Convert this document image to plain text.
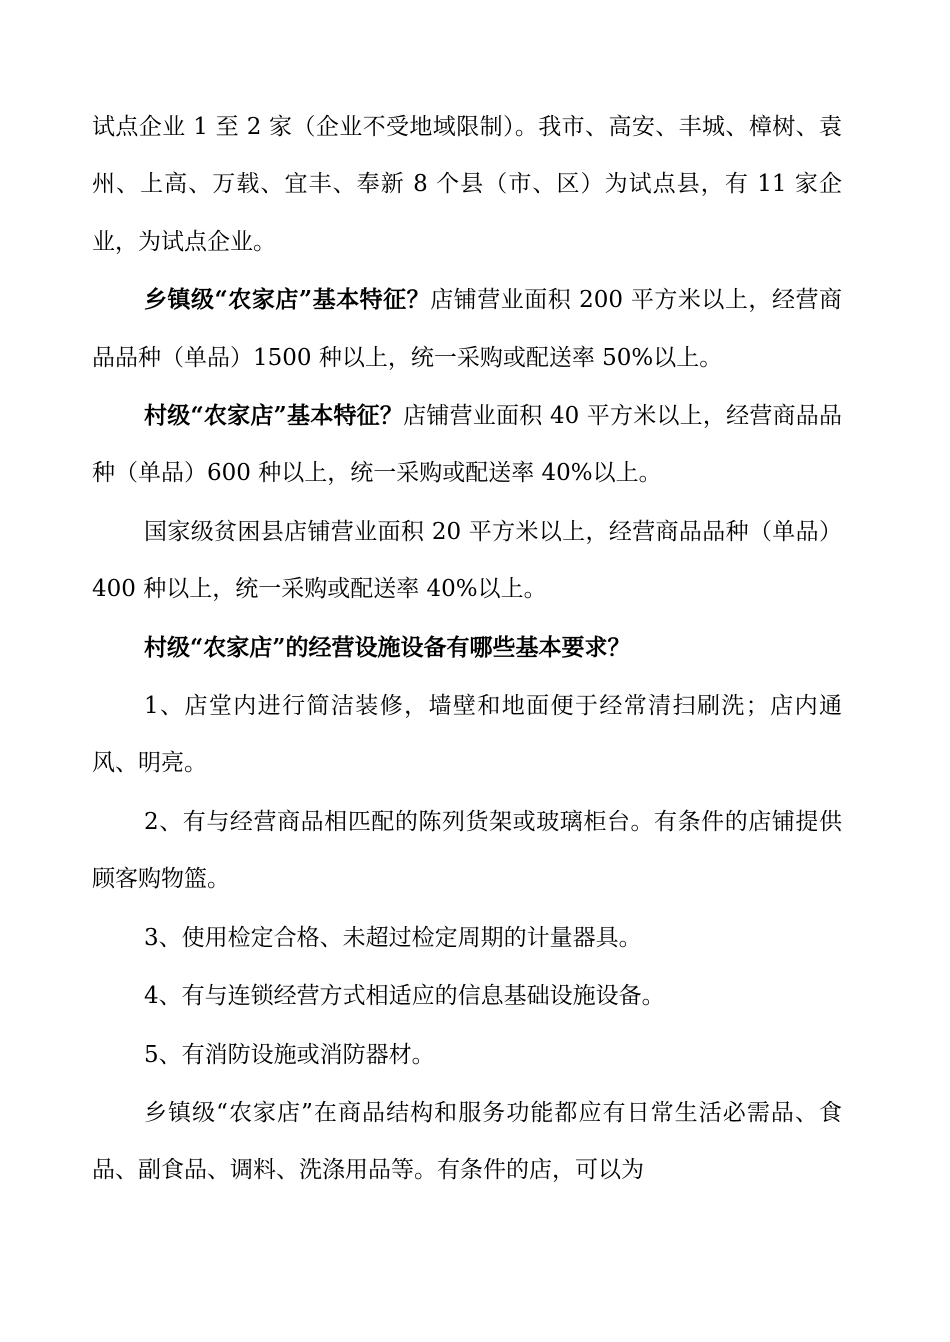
试点企业 1 至 2 家（企业不受地域限制）。我市、高安、丰城、樟树、袁州、上高、万载、宜丰、奉新 8 个县（市、区）为试点县，有 11 家企业，为试点企业。

乡镇级“农家店”基本特征？店铺营业面积 200 平方米以上，经营商品品种（单品）1500 种以上，统一采购或配送率 50%以上。

村级“农家店”基本特征？店铺营业面积 40 平方米以上，经营商品品种（单品）600 种以上，统一采购或配送率 40%以上。

国家级贫困县店铺营业面积 20 平方米以上，经营商品品种（单品）400 种以上，统一采购或配送率 40%以上。

村级“农家店”的经营设施设备有哪些基本要求？

1、店堂内进行简洁装修，墙壁和地面便于经常清扫刷洗；店内通风、明亮。

2、有与经营商品相匹配的陈列货架或玻璃柜台。有条件的店铺提供顾客购物篮。

3、使用检定合格、未超过检定周期的计量器具。

4、有与连锁经营方式相适应的信息基础设施设备。

5、有消防设施或消防器材。

乡镇级“农家店”在商品结构和服务功能都应有日常生活必需品、食品、副食品、调料、洗涤用品等。有条件的店，可以为
